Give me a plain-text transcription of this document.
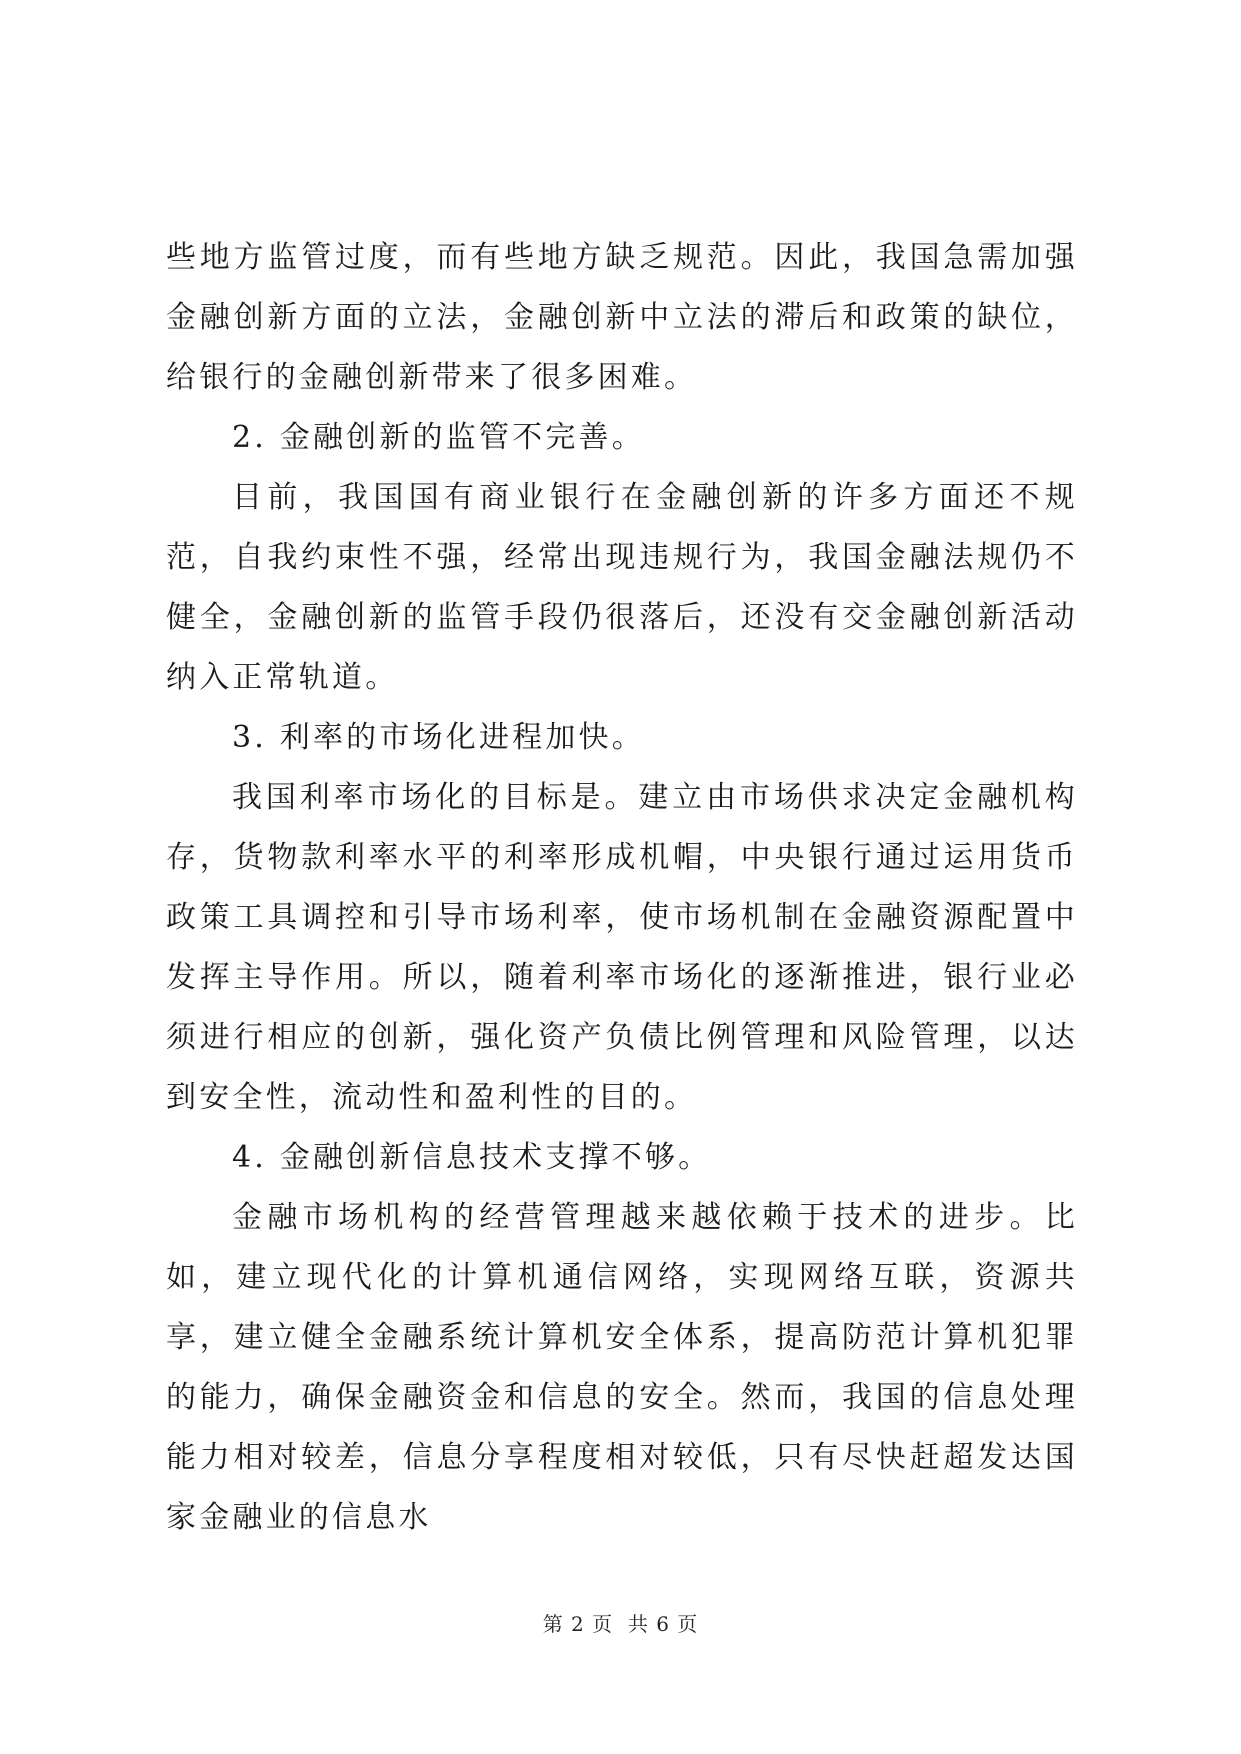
些地方监管过度，而有些地方缺乏规范。因此，我国急需加强金融创新方面的立法，金融创新中立法的滞后和政策的缺位，给银行的金融创新带来了很多困难。

2. 金融创新的监管不完善。

目前，我国国有商业银行在金融创新的许多方面还不规范，自我约束性不强，经常出现违规行为，我国金融法规仍不健全，金融创新的监管手段仍很落后，还没有交金融创新活动纳入正常轨道。

3. 利率的市场化进程加快。

我国利率市场化的目标是。建立由市场供求决定金融机构存，货物款利率水平的利率形成机帽，中央银行通过运用货币政策工具调控和引导市场利率，使市场机制在金融资源配置中发挥主导作用。所以，随着利率市场化的逐渐推进，银行业必须进行相应的创新，强化资产负债比例管理和风险管理，以达到安全性，流动性和盈利性的目的。

4. 金融创新信息技术支撑不够。

金融市场机构的经营管理越来越依赖于技术的进步。比如，建立现代化的计算机通信网络，实现网络互联，资源共享，建立健全金融系统计算机安全体系，提高防范计算机犯罪的能力，确保金融资金和信息的安全。然而，我国的信息处理能力相对较差，信息分享程度相对较低，只有尽快赶超发达国家金融业的信息水

第 2 页  共 6 页
